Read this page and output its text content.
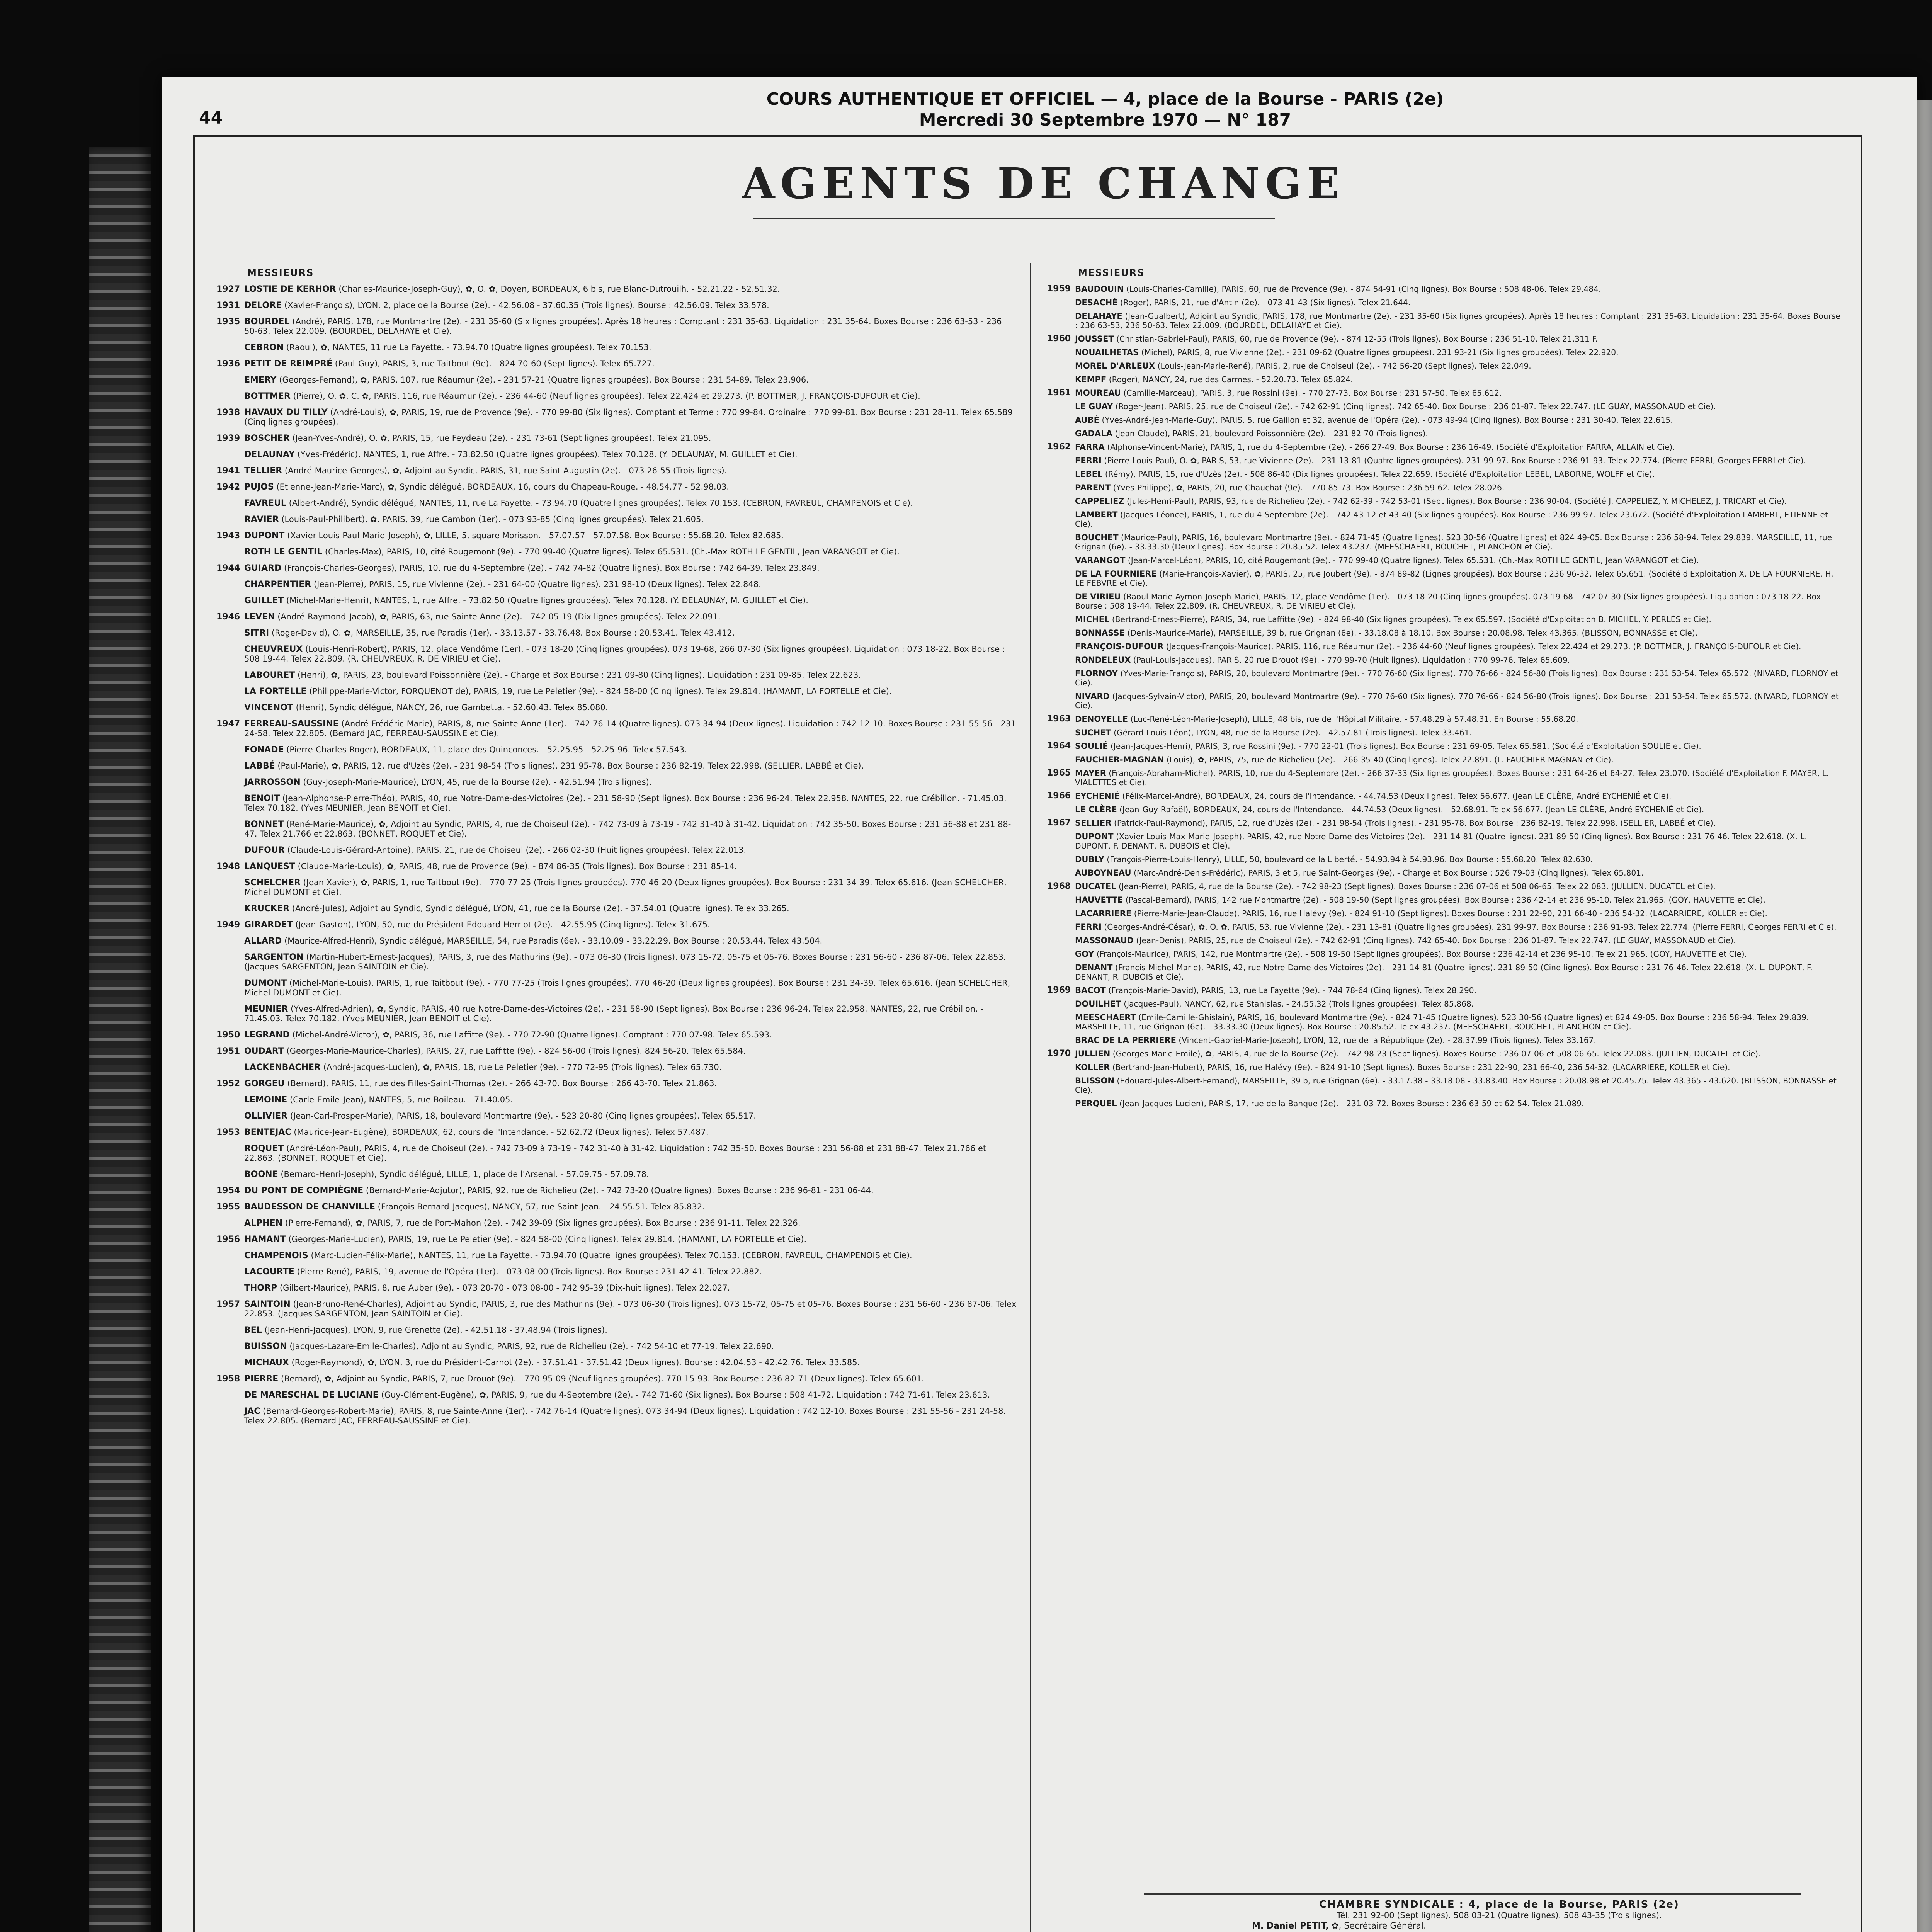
44
COURS AUTHENTIQUE ET OFFICIEL — 4, place de la Bourse - PARIS (2e)
Mercredi 30 Septembre 1970 — N° 187
AGENTS DE CHANGE
MESSIEURS
1927 LOSTIE DE KERHOR (Charles-Maurice-Joseph-Guy), ✿, O. ✿, Doyen, BORDEAUX, 6 bis, rue Blanc-Dutrouilh. - 52.21.22 - 52.51.32.
1931 DELORE (Xavier-François), LYON, 2, place de la Bourse (2e). - 42.56.08 - 37.60.35 (Trois lignes). Bourse : 42.56.09. Telex 33.578.
1935 BOURDEL (André), PARIS, 178, rue Montmartre (2e). - 231 35-60 (Six lignes groupées). Après 18 heures : Comptant : 231 35-63. Liquidation : 231 35-64. Boxes Bourse : 236 63-53 - 236 50-63. Telex 22.009. (BOURDEL, DELAHAYE et Cie).
CEBRON (Raoul), ✿, NANTES, 11 rue La Fayette. - 73.94.70 (Quatre lignes groupées). Telex 70.153.
1936 PETIT DE REIMPRÉ (Paul-Guy), PARIS, 3, rue Taitbout (9e). - 824 70-60 (Sept lignes). Telex 65.727.
EMERY (Georges-Fernand), ✿, PARIS, 107, rue Réaumur (2e). - 231 57-21 (Quatre lignes groupées). Box Bourse : 231 54-89. Telex 23.906.
BOTTMER (Pierre), O. ✿, C. ✿, PARIS, 116, rue Réaumur (2e). - 236 44-60 (Neuf lignes groupées). Telex 22.424 et 29.273. (P. BOTTMER, J. FRANÇOIS-DUFOUR et Cie).
1938 HAVAUX DU TILLY (André-Louis), ✿, PARIS, 19, rue de Provence (9e). - 770 99-80 (Six lignes). Comptant et Terme : 770 99-84. Ordinaire : 770 99-81. Box Bourse : 231 28-11. Telex 65.589 (Cinq lignes groupées).
1939 BOSCHER (Jean-Yves-André), O. ✿, PARIS, 15, rue Feydeau (2e). - 231 73-61 (Sept lignes groupées). Telex 21.095.
DELAUNAY (Yves-Frédéric), NANTES, 1, rue Affre. - 73.82.50 (Quatre lignes groupées). Telex 70.128. (Y. DELAUNAY, M. GUILLET et Cie).
1941 TELLIER (André-Maurice-Georges), ✿, Adjoint au Syndic, PARIS, 31, rue Saint-Augustin (2e). - 073 26-55 (Trois lignes).
1942 PUJOS (Etienne-Jean-Marie-Marc), ✿, Syndic délégué, BORDEAUX, 16, cours du Chapeau-Rouge. - 48.54.77 - 52.98.03.
FAVREUL (Albert-André), Syndic délégué, NANTES, 11, rue La Fayette. - 73.94.70 (Quatre lignes groupées). Telex 70.153. (CEBRON, FAVREUL, CHAMPENOIS et Cie).
RAVIER (Louis-Paul-Philibert), ✿, PARIS, 39, rue Cambon (1er). - 073 93-85 (Cinq lignes groupées). Telex 21.605.
1943 DUPONT (Xavier-Louis-Paul-Marie-Joseph), ✿, LILLE, 5, square Morisson. - 57.07.57 - 57.07.58. Box Bourse : 55.68.20. Telex 82.685.
ROTH LE GENTIL (Charles-Max), PARIS, 10, cité Rougemont (9e). - 770 99-40 (Quatre lignes). Telex 65.531. (Ch.-Max ROTH LE GENTIL, Jean VARANGOT et Cie).
1944 GUIARD (François-Charles-Georges), PARIS, 10, rue du 4-Septembre (2e). - 742 74-82 (Quatre lignes). Box Bourse : 742 64-39. Telex 23.849.
CHARPENTIER (Jean-Pierre), PARIS, 15, rue Vivienne (2e). - 231 64-00 (Quatre lignes). 231 98-10 (Deux lignes). Telex 22.848.
GUILLET (Michel-Marie-Henri), NANTES, 1, rue Affre. - 73.82.50 (Quatre lignes groupées). Telex 70.128. (Y. DELAUNAY, M. GUILLET et Cie).
1946 LEVEN (André-Raymond-Jacob), ✿, PARIS, 63, rue Sainte-Anne (2e). - 742 05-19 (Dix lignes groupées). Telex 22.091.
SITRI (Roger-David), O. ✿, MARSEILLE, 35, rue Paradis (1er). - 33.13.57 - 33.76.48. Box Bourse : 20.53.41. Telex 43.412.
CHEUVREUX (Louis-Henri-Robert), PARIS, 12, place Vendôme (1er). - 073 18-20 (Cinq lignes groupées). 073 19-68, 266 07-30 (Six lignes groupées). Liquidation : 073 18-22. Box Bourse : 508 19-44. Telex 22.809. (R. CHEUVREUX, R. DE VIRIEU et Cie).
LABOURET (Henri), ✿, PARIS, 23, boulevard Poissonnière (2e). - Charge et Box Bourse : 231 09-80 (Cinq lignes). Liquidation : 231 09-85. Telex 22.623.
LA FORTELLE (Philippe-Marie-Victor, FORQUENOT de), PARIS, 19, rue Le Peletier (9e). - 824 58-00 (Cinq lignes). Telex 29.814. (HAMANT, LA FORTELLE et Cie).
VINCENOT (Henri), Syndic délégué, NANCY, 26, rue Gambetta. - 52.60.43. Telex 85.080.
1947 FERREAU-SAUSSINE (André-Frédéric-Marie), PARIS, 8, rue Sainte-Anne (1er). - 742 76-14 (Quatre lignes). 073 34-94 (Deux lignes). Liquidation : 742 12-10. Boxes Bourse : 231 55-56 - 231 24-58. Telex 22.805. (Bernard JAC, FERREAU-SAUSSINE et Cie).
FONADE (Pierre-Charles-Roger), BORDEAUX, 11, place des Quinconces. - 52.25.95 - 52.25-96. Telex 57.543.
LABBÉ (Paul-Marie), ✿, PARIS, 12, rue d'Uzès (2e). - 231 98-54 (Trois lignes). 231 95-78. Box Bourse : 236 82-19. Telex 22.998. (SELLIER, LABBÉ et Cie).
JARROSSON (Guy-Joseph-Marie-Maurice), LYON, 45, rue de la Bourse (2e). - 42.51.94 (Trois lignes).
BENOIT (Jean-Alphonse-Pierre-Théo), PARIS, 40, rue Notre-Dame-des-Victoires (2e). - 231 58-90 (Sept lignes). Box Bourse : 236 96-24. Telex 22.958. NANTES, 22, rue Crébillon. - 71.45.03. Telex 70.182. (Yves MEUNIER, Jean BENOIT et Cie).
BONNET (René-Marie-Maurice), ✿, Adjoint au Syndic, PARIS, 4, rue de Choiseul (2e). - 742 73-09 à 73-19 - 742 31-40 à 31-42. Liquidation : 742 35-50. Boxes Bourse : 231 56-88 et 231 88-47. Telex 21.766 et 22.863. (BONNET, ROQUET et Cie).
DUFOUR (Claude-Louis-Gérard-Antoine), PARIS, 21, rue de Choiseul (2e). - 266 02-30 (Huit lignes groupées). Telex 22.013.
1948 LANQUEST (Claude-Marie-Louis), ✿, PARIS, 48, rue de Provence (9e). - 874 86-35 (Trois lignes). Box Bourse : 231 85-14.
SCHELCHER (Jean-Xavier), ✿, PARIS, 1, rue Taitbout (9e). - 770 77-25 (Trois lignes groupées). 770 46-20 (Deux lignes groupées). Box Bourse : 231 34-39. Telex 65.616. (Jean SCHELCHER, Michel DUMONT et Cie).
KRUCKER (André-Jules), Adjoint au Syndic, Syndic délégué, LYON, 41, rue de la Bourse (2e). - 37.54.01 (Quatre lignes). Telex 33.265.
1949 GIRARDET (Jean-Gaston), LYON, 50, rue du Président Edouard-Herriot (2e). - 42.55.95 (Cinq lignes). Telex 31.675.
ALLARD (Maurice-Alfred-Henri), Syndic délégué, MARSEILLE, 54, rue Paradis (6e). - 33.10.09 - 33.22.29. Box Bourse : 20.53.44. Telex 43.504.
SARGENTON (Martin-Hubert-Ernest-Jacques), PARIS, 3, rue des Mathurins (9e). - 073 06-30 (Trois lignes). 073 15-72, 05-75 et 05-76. Boxes Bourse : 231 56-60 - 236 87-06. Telex 22.853. (Jacques SARGENTON, Jean SAINTOIN et Cie).
DUMONT (Michel-Marie-Louis), PARIS, 1, rue Taitbout (9e). - 770 77-25 (Trois lignes groupées). 770 46-20 (Deux lignes groupées). Box Bourse : 231 34-39. Telex 65.616. (Jean SCHELCHER, Michel DUMONT et Cie).
MEUNIER (Yves-Alfred-Adrien), ✿, Syndic, PARIS, 40 rue Notre-Dame-des-Victoires (2e). - 231 58-90 (Sept lignes). Box Bourse : 236 96-24. Telex 22.958. NANTES, 22, rue Crébillon. - 71.45.03. Telex 70.182. (Yves MEUNIER, Jean BENOIT et Cie).
1950 LEGRAND (Michel-André-Victor), ✿, PARIS, 36, rue Laffitte (9e). - 770 72-90 (Quatre lignes). Comptant : 770 07-98. Telex 65.593.
1951 OUDART (Georges-Marie-Maurice-Charles), PARIS, 27, rue Laffitte (9e). - 824 56-00 (Trois lignes). 824 56-20. Telex 65.584.
LACKENBACHER (André-Jacques-Lucien), ✿, PARIS, 18, rue Le Peletier (9e). - 770 72-95 (Trois lignes). Telex 65.730.
1952 GORGEU (Bernard), PARIS, 11, rue des Filles-Saint-Thomas (2e). - 266 43-70. Box Bourse : 266 43-70. Telex 21.863.
LEMOINE (Carle-Emile-Jean), NANTES, 5, rue Boileau. - 71.40.05.
OLLIVIER (Jean-Carl-Prosper-Marie), PARIS, 18, boulevard Montmartre (9e). - 523 20-80 (Cinq lignes groupées). Telex 65.517.
1953 BENTEJAC (Maurice-Jean-Eugène), BORDEAUX, 62, cours de l'Intendance. - 52.62.72 (Deux lignes). Telex 57.487.
ROQUET (André-Léon-Paul), PARIS, 4, rue de Choiseul (2e). - 742 73-09 à 73-19 - 742 31-40 à 31-42. Liquidation : 742 35-50. Boxes Bourse : 231 56-88 et 231 88-47. Telex 21.766 et 22.863. (BONNET, ROQUET et Cie).
BOONE (Bernard-Henri-Joseph), Syndic délégué, LILLE, 1, place de l'Arsenal. - 57.09.75 - 57.09.78.
1954 DU PONT DE COMPIÈGNE (Bernard-Marie-Adjutor), PARIS, 92, rue de Richelieu (2e). - 742 73-20 (Quatre lignes). Boxes Bourse : 236 96-81 - 231 06-44.
1955 BAUDESSON DE CHANVILLE (François-Bernard-Jacques), NANCY, 57, rue Saint-Jean. - 24.55.51. Telex 85.832.
ALPHEN (Pierre-Fernand), ✿, PARIS, 7, rue de Port-Mahon (2e). - 742 39-09 (Six lignes groupées). Box Bourse : 236 91-11. Telex 22.326.
1956 HAMANT (Georges-Marie-Lucien), PARIS, 19, rue Le Peletier (9e). - 824 58-00 (Cinq lignes). Telex 29.814. (HAMANT, LA FORTELLE et Cie).
CHAMPENOIS (Marc-Lucien-Félix-Marie), NANTES, 11, rue La Fayette. - 73.94.70 (Quatre lignes groupées). Telex 70.153. (CEBRON, FAVREUL, CHAMPENOIS et Cie).
LACOURTE (Pierre-René), PARIS, 19, avenue de l'Opéra (1er). - 073 08-00 (Trois lignes). Box Bourse : 231 42-41. Telex 22.882.
THORP (Gilbert-Maurice), PARIS, 8, rue Auber (9e). - 073 20-70 - 073 08-00 - 742 95-39 (Dix-huit lignes). Telex 22.027.
1957 SAINTOIN (Jean-Bruno-René-Charles), Adjoint au Syndic, PARIS, 3, rue des Mathurins (9e). - 073 06-30 (Trois lignes). 073 15-72, 05-75 et 05-76. Boxes Bourse : 231 56-60 - 236 87-06. Telex 22.853. (Jacques SARGENTON, Jean SAINTOIN et Cie).
BEL (Jean-Henri-Jacques), LYON, 9, rue Grenette (2e). - 42.51.18 - 37.48.94 (Trois lignes).
BUISSON (Jacques-Lazare-Emile-Charles), Adjoint au Syndic, PARIS, 92, rue de Richelieu (2e). - 742 54-10 et 77-19. Telex 22.690.
MICHAUX (Roger-Raymond), ✿, LYON, 3, rue du Président-Carnot (2e). - 37.51.41 - 37.51.42 (Deux lignes). Bourse : 42.04.53 - 42.42.76. Telex 33.585.
1958 PIERRE (Bernard), ✿, Adjoint au Syndic, PARIS, 7, rue Drouot (9e). - 770 95-09 (Neuf lignes groupées). 770 15-93. Box Bourse : 236 82-71 (Deux lignes). Telex 65.601.
DE MARESCHAL DE LUCIANE (Guy-Clément-Eugène), ✿, PARIS, 9, rue du 4-Septembre (2e). - 742 71-60 (Six lignes). Box Bourse : 508 41-72. Liquidation : 742 71-61. Telex 23.613.
JAC (Bernard-Georges-Robert-Marie), PARIS, 8, rue Sainte-Anne (1er). - 742 76-14 (Quatre lignes). 073 34-94 (Deux lignes). Liquidation : 742 12-10. Boxes Bourse : 231 55-56 - 231 24-58. Telex 22.805. (Bernard JAC, FERREAU-SAUSSINE et Cie).
MESSIEURS
1959 BAUDOUIN (Louis-Charles-Camille), PARIS, 60, rue de Provence (9e). - 874 54-91 (Cinq lignes). Box Bourse : 508 48-06. Telex 29.484.
DESACHÉ (Roger), PARIS, 21, rue d'Antin (2e). - 073 41-43 (Six lignes). Telex 21.644.
DELAHAYE (Jean-Gualbert), Adjoint au Syndic, PARIS, 178, rue Montmartre (2e). - 231 35-60 (Six lignes groupées). Après 18 heures : Comptant : 231 35-63. Liquidation : 231 35-64. Boxes Bourse : 236 63-53, 236 50-63. Telex 22.009. (BOURDEL, DELAHAYE et Cie).
1960 JOUSSET (Christian-Gabriel-Paul), PARIS, 60, rue de Provence (9e). - 874 12-55 (Trois lignes). Box Bourse : 236 51-10. Telex 21.311 F.
NOUAILHETAS (Michel), PARIS, 8, rue Vivienne (2e). - 231 09-62 (Quatre lignes groupées). 231 93-21 (Six lignes groupées). Telex 22.920.
MOREL D'ARLEUX (Louis-Jean-Marie-René), PARIS, 2, rue de Choiseul (2e). - 742 56-20 (Sept lignes). Telex 22.049.
KEMPF (Roger), NANCY, 24, rue des Carmes. - 52.20.73. Telex 85.824.
1961 MOUREAU (Camille-Marceau), PARIS, 3, rue Rossini (9e). - 770 27-73. Box Bourse : 231 57-50. Telex 65.612.
LE GUAY (Roger-Jean), PARIS, 25, rue de Choiseul (2e). - 742 62-91 (Cinq lignes). 742 65-40. Box Bourse : 236 01-87. Telex 22.747. (LE GUAY, MASSONAUD et Cie).
AUBÉ (Yves-André-Jean-Marie-Guy), PARIS, 5, rue Gaillon et 32, avenue de l'Opéra (2e). - 073 49-94 (Cinq lignes). Box Bourse : 231 30-40. Telex 22.615.
GADALA (Jean-Claude), PARIS, 21, boulevard Poissonnière (2e). - 231 82-70 (Trois lignes).
1962 FARRA (Alphonse-Vincent-Marie), PARIS, 1, rue du 4-Septembre (2e). - 266 27-49. Box Bourse : 236 16-49. (Société d'Exploitation FARRA, ALLAIN et Cie).
FERRI (Pierre-Louis-Paul), O. ✿, PARIS, 53, rue Vivienne (2e). - 231 13-81 (Quatre lignes groupées). 231 99-97. Box Bourse : 236 91-93. Telex 22.774. (Pierre FERRI, Georges FERRI et Cie).
LEBEL (Rémy), PARIS, 15, rue d'Uzès (2e). - 508 86-40 (Dix lignes groupées). Telex 22.659. (Société d'Exploitation LEBEL, LABORNE, WOLFF et Cie).
PARENT (Yves-Philippe), ✿, PARIS, 20, rue Chauchat (9e). - 770 85-73. Box Bourse : 236 59-62. Telex 28.026.
CAPPELIEZ (Jules-Henri-Paul), PARIS, 93, rue de Richelieu (2e). - 742 62-39 - 742 53-01 (Sept lignes). Box Bourse : 236 90-04. (Société J. CAPPELIEZ, Y. MICHELEZ, J. TRICART et Cie).
LAMBERT (Jacques-Léonce), PARIS, 1, rue du 4-Septembre (2e). - 742 43-12 et 43-40 (Six lignes groupées). Box Bourse : 236 99-97. Telex 23.672. (Société d'Exploitation LAMBERT, ETIENNE et Cie).
BOUCHET (Maurice-Paul), PARIS, 16, boulevard Montmartre (9e). - 824 71-45 (Quatre lignes). 523 30-56 (Quatre lignes) et 824 49-05. Box Bourse : 236 58-94. Telex 29.839. MARSEILLE, 11, rue Grignan (6e). - 33.33.30 (Deux lignes). Box Bourse : 20.85.52. Telex 43.237. (MEESCHAERT, BOUCHET, PLANCHON et Cie).
VARANGOT (Jean-Marcel-Léon), PARIS, 10, cité Rougemont (9e). - 770 99-40 (Quatre lignes). Telex 65.531. (Ch.-Max ROTH LE GENTIL, Jean VARANGOT et Cie).
DE LA FOURNIERE (Marie-François-Xavier), ✿, PARIS, 25, rue Joubert (9e). - 874 89-82 (Lignes groupées). Box Bourse : 236 96-32. Telex 65.651. (Société d'Exploitation X. DE LA FOURNIERE, H. LE FEBVRE et Cie).
DE VIRIEU (Raoul-Marie-Aymon-Joseph-Marie), PARIS, 12, place Vendôme (1er). - 073 18-20 (Cinq lignes groupées). 073 19-68 - 742 07-30 (Six lignes groupées). Liquidation : 073 18-22. Box Bourse : 508 19-44. Telex 22.809. (R. CHEUVREUX, R. DE VIRIEU et Cie).
MICHEL (Bertrand-Ernest-Pierre), PARIS, 34, rue Laffitte (9e). - 824 98-40 (Six lignes groupées). Telex 65.597. (Société d'Exploitation B. MICHEL, Y. PERLÈS et Cie).
BONNASSE (Denis-Maurice-Marie), MARSEILLE, 39 b, rue Grignan (6e). - 33.18.08 à 18.10. Box Bourse : 20.08.98. Telex 43.365. (BLISSON, BONNASSE et Cie).
FRANÇOIS-DUFOUR (Jacques-François-Maurice), PARIS, 116, rue Réaumur (2e). - 236 44-60 (Neuf lignes groupées). Telex 22.424 et 29.273. (P. BOTTMER, J. FRANÇOIS-DUFOUR et Cie).
RONDELEUX (Paul-Louis-Jacques), PARIS, 20 rue Drouot (9e). - 770 99-70 (Huit lignes). Liquidation : 770 99-76. Telex 65.609.
FLORNOY (Yves-Marie-François), PARIS, 20, boulevard Montmartre (9e). - 770 76-60 (Six lignes). 770 76-66 - 824 56-80 (Trois lignes). Box Bourse : 231 53-54. Telex 65.572. (NIVARD, FLORNOY et Cie).
NIVARD (Jacques-Sylvain-Victor), PARIS, 20, boulevard Montmartre (9e). - 770 76-60 (Six lignes). 770 76-66 - 824 56-80 (Trois lignes). Box Bourse : 231 53-54. Telex 65.572. (NIVARD, FLORNOY et Cie).
1963 DENOYELLE (Luc-René-Léon-Marie-Joseph), LILLE, 48 bis, rue de l'Hôpital Militaire. - 57.48.29 à 57.48.31. En Bourse : 55.68.20.
SUCHET (Gérard-Louis-Léon), LYON, 48, rue de la Bourse (2e). - 42.57.81 (Trois lignes). Telex 33.461.
1964 SOULIÉ (Jean-Jacques-Henri), PARIS, 3, rue Rossini (9e). - 770 22-01 (Trois lignes). Box Bourse : 231 69-05. Telex 65.581. (Société d'Exploitation SOULIÉ et Cie).
FAUCHIER-MAGNAN (Louis), ✿, PARIS, 75, rue de Richelieu (2e). - 266 35-40 (Cinq lignes). Telex 22.891. (L. FAUCHIER-MAGNAN et Cie).
1965 MAYER (François-Abraham-Michel), PARIS, 10, rue du 4-Septembre (2e). - 266 37-33 (Six lignes groupées). Boxes Bourse : 231 64-26 et 64-27. Telex 23.070. (Société d'Exploitation F. MAYER, L. VIALETTES et Cie).
1966 EYCHENIÉ (Félix-Marcel-André), BORDEAUX, 24, cours de l'Intendance. - 44.74.53 (Deux lignes). Telex 56.677. (Jean LE CLÈRE, André EYCHENIÉ et Cie).
LE CLÈRE (Jean-Guy-Rafaël), BORDEAUX, 24, cours de l'Intendance. - 44.74.53 (Deux lignes). - 52.68.91. Telex 56.677. (Jean LE CLÈRE, André EYCHENIÉ et Cie).
1967 SELLIER (Patrick-Paul-Raymond), PARIS, 12, rue d'Uzès (2e). - 231 98-54 (Trois lignes). - 231 95-78. Box Bourse : 236 82-19. Telex 22.998. (SELLIER, LABBÉ et Cie).
DUPONT (Xavier-Louis-Max-Marie-Joseph), PARIS, 42, rue Notre-Dame-des-Victoires (2e). - 231 14-81 (Quatre lignes). 231 89-50 (Cinq lignes). Box Bourse : 231 76-46. Telex 22.618. (X.-L. DUPONT, F. DENANT, R. DUBOIS et Cie).
DUBLY (François-Pierre-Louis-Henry), LILLE, 50, boulevard de la Liberté. - 54.93.94 à 54.93.96. Box Bourse : 55.68.20. Telex 82.630.
AUBOYNEAU (Marc-André-Denis-Frédéric), PARIS, 3 et 5, rue Saint-Georges (9e). - Charge et Box Bourse : 526 79-03 (Cinq lignes). Telex 65.801.
1968 DUCATEL (Jean-Pierre), PARIS, 4, rue de la Bourse (2e). - 742 98-23 (Sept lignes). Boxes Bourse : 236 07-06 et 508 06-65. Telex 22.083. (JULLIEN, DUCATEL et Cie).
HAUVETTE (Pascal-Bernard), PARIS, 142 rue Montmartre (2e). - 508 19-50 (Sept lignes groupées). Box Bourse : 236 42-14 et 236 95-10. Telex 21.965. (GOY, HAUVETTE et Cie).
LACARRIERE (Pierre-Marie-Jean-Claude), PARIS, 16, rue Halévy (9e). - 824 91-10 (Sept lignes). Boxes Bourse : 231 22-90, 231 66-40 - 236 54-32. (LACARRIERE, KOLLER et Cie).
FERRI (Georges-André-César), ✿, O. ✿, PARIS, 53, rue Vivienne (2e). - 231 13-81 (Quatre lignes groupées). 231 99-97. Box Bourse : 236 91-93. Telex 22.774. (Pierre FERRI, Georges FERRI et Cie).
MASSONAUD (Jean-Denis), PARIS, 25, rue de Choiseul (2e). - 742 62-91 (Cinq lignes). 742 65-40. Box Bourse : 236 01-87. Telex 22.747. (LE GUAY, MASSONAUD et Cie).
GOY (François-Maurice), PARIS, 142, rue Montmartre (2e). - 508 19-50 (Sept lignes groupées). Box Bourse : 236 42-14 et 236 95-10. Telex 21.965. (GOY, HAUVETTE et Cie).
DENANT (Francis-Michel-Marie), PARIS, 42, rue Notre-Dame-des-Victoires (2e). - 231 14-81 (Quatre lignes). 231 89-50 (Cinq lignes). Box Bourse : 231 76-46. Telex 22.618. (X.-L. DUPONT, F. DENANT, R. DUBOIS et Cie).
1969 BACOT (François-Marie-David), PARIS, 13, rue La Fayette (9e). - 744 78-64 (Cinq lignes). Telex 28.290.
DOUILHET (Jacques-Paul), NANCY, 62, rue Stanislas. - 24.55.32 (Trois lignes groupées). Telex 85.868.
MEESCHAERT (Emile-Camille-Ghislain), PARIS, 16, boulevard Montmartre (9e). - 824 71-45 (Quatre lignes). 523 30-56 (Quatre lignes) et 824 49-05. Box Bourse : 236 58-94. Telex 29.839. MARSEILLE, 11, rue Grignan (6e). - 33.33.30 (Deux lignes). Box Bourse : 20.85.52. Telex 43.237. (MEESCHAERT, BOUCHET, PLANCHON et Cie).
BRAC DE LA PERRIERE (Vincent-Gabriel-Marie-Joseph), LYON, 12, rue de la République (2e). - 28.37.99 (Trois lignes). Telex 33.167.
1970 JULLIEN (Georges-Marie-Emile), ✿, PARIS, 4, rue de la Bourse (2e). - 742 98-23 (Sept lignes). Boxes Bourse : 236 07-06 et 508 06-65. Telex 22.083. (JULLIEN, DUCATEL et Cie).
KOLLER (Bertrand-Jean-Hubert), PARIS, 16, rue Halévy (9e). - 824 91-10 (Sept lignes). Boxes Bourse : 231 22-90, 231 66-40, 236 54-32. (LACARRIERE, KOLLER et Cie).
BLISSON (Edouard-Jules-Albert-Fernand), MARSEILLE, 39 b, rue Grignan (6e). - 33.17.38 - 33.18.08 - 33.83.40. Box Bourse : 20.08.98 et 20.45.75. Telex 43.365 - 43.620. (BLISSON, BONNASSE et Cie).
PERQUEL (Jean-Jacques-Lucien), PARIS, 17, rue de la Banque (2e). - 231 03-72. Boxes Bourse : 236 63-59 et 62-54. Telex 21.089.
CHAMBRE SYNDICALE : 4, place de la Bourse, PARIS (2e)
Tél. 231 92-00 (Sept lignes). 508 03-21 (Quatre lignes). 508 43-35 (Trois lignes).
M. Daniel PETIT, ✿, Secrétaire Général.
